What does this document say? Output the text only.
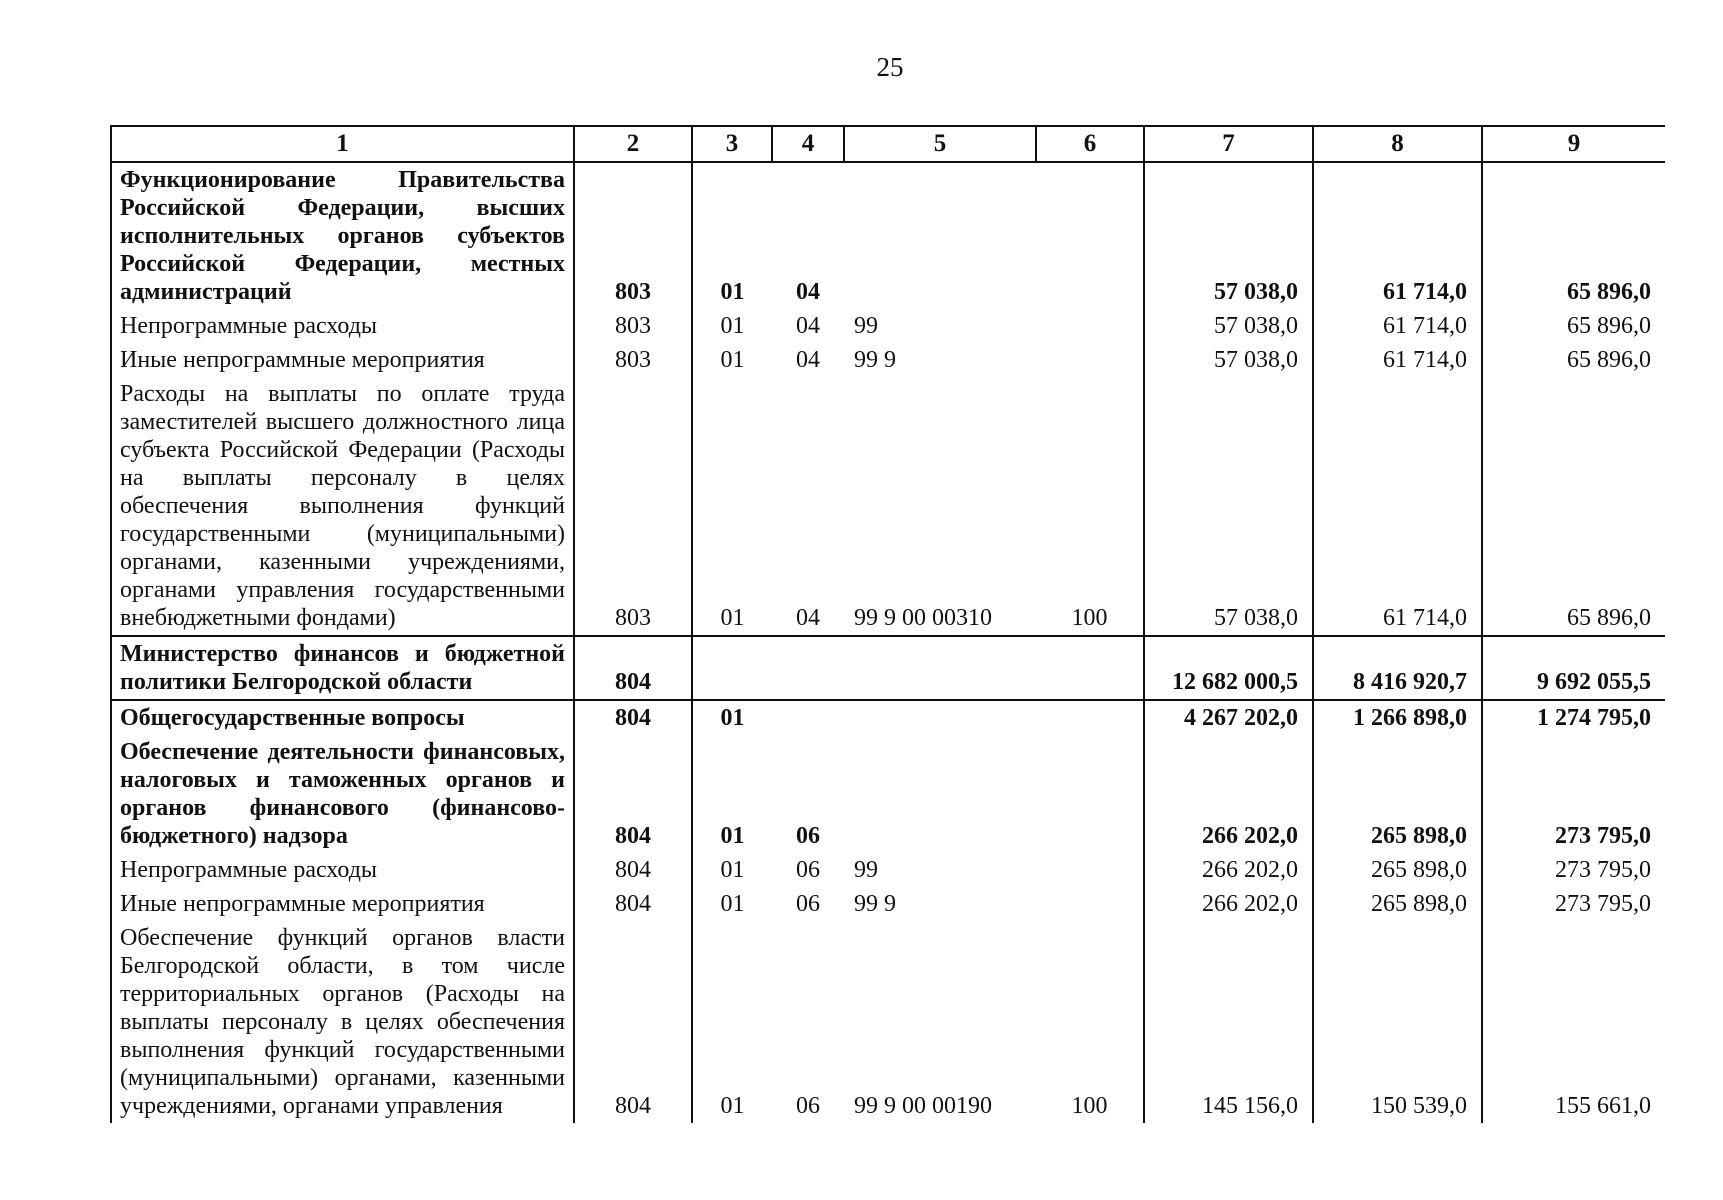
25
1	2	3	4	5	6	7	8	9
Функционирование Правительства Российской Федерации, высших исполнительных органов субъектов Российской Федерации, местных администраций	803	01	04			57 038,0	61 714,0	65 896,0
Непрограммные расходы	803	01	04	99		57 038,0	61 714,0	65 896,0
Иные непрограммные мероприятия	803	01	04	99 9		57 038,0	61 714,0	65 896,0
Расходы на выплаты по оплате труда заместителей высшего должностного лица субъекта Российской Федерации (Расходы на выплаты персоналу в целях обеспечения выполнения функций государственными (муниципальными) органами, казенными учреждениями, органами управления государственными внебюджетными фондами)	803	01	04	99 9 00 00310	100	57 038,0	61 714,0	65 896,0
Министерство финансов и бюджетной политики Белгородской области	804					12 682 000,5	8 416 920,7	9 692 055,5
Общегосударственные вопросы	804	01				4 267 202,0	1 266 898,0	1 274 795,0
Обеспечение деятельности финансовых, налоговых и таможенных органов и органов финансового (финансово-бюджетного) надзора	804	01	06			266 202,0	265 898,0	273 795,0
Непрограммные расходы	804	01	06	99		266 202,0	265 898,0	273 795,0
Иные непрограммные мероприятия	804	01	06	99 9		266 202,0	265 898,0	273 795,0
Обеспечение функций органов власти Белгородской области, в том числе территориальных органов (Расходы на выплаты персоналу в целях обеспечения выполнения функций государственными (муниципальными) органами, казенными учреждениями, органами управления	804	01	06	99 9 00 00190	100	145 156,0	150 539,0	155 661,0
